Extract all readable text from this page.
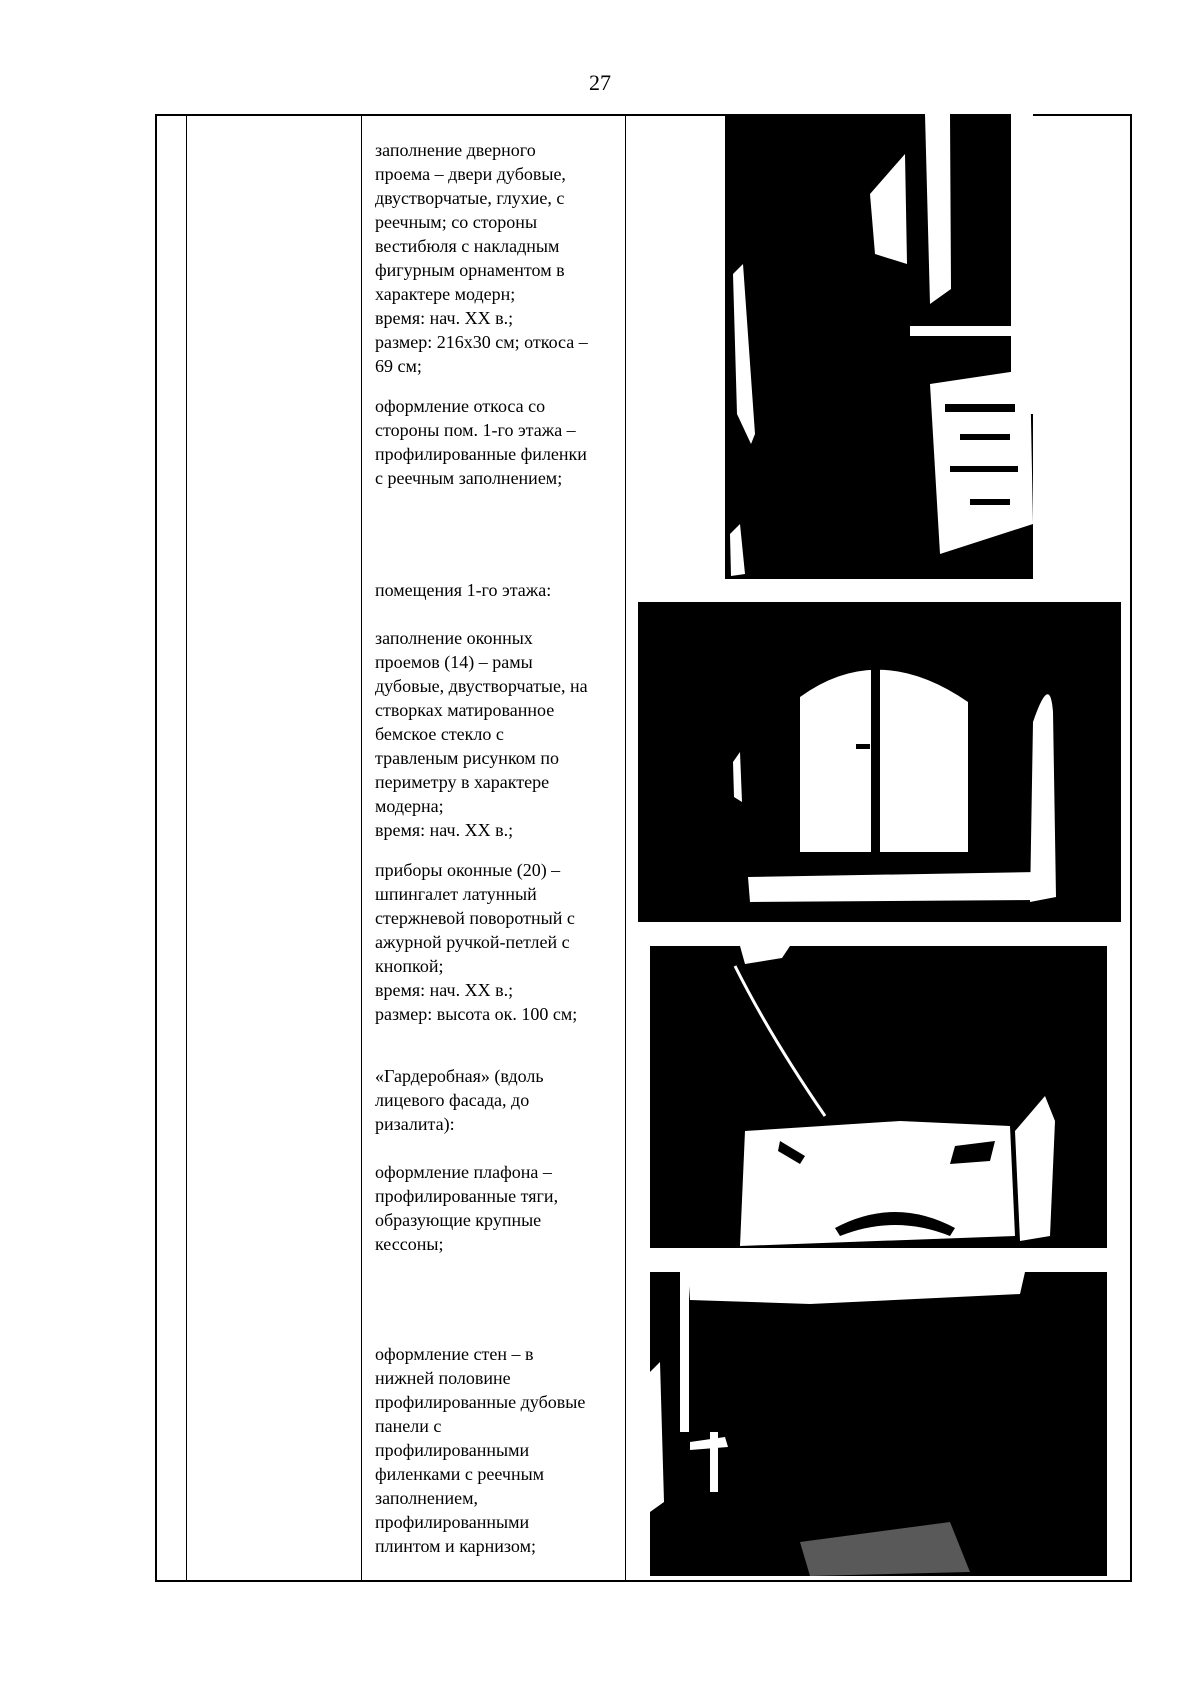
27

заполнение дверного

проема – двери дубовые,

двустворчатые, глухие, с

реечным; со стороны

вестибюля с накладным

фигурным орнаментом в

характере модерн;

время: нач. XX в.;

размер: 216х30 см; откоса –

69 см;

оформление откоса со

стороны пом. 1-го этажа –

профилированные филенки

с реечным заполнением;

помещения 1-го этажа:

заполнение оконных

проемов (14) – рамы

дубовые, двустворчатые, на

створках матированное

бемское стекло с

травленым рисунком по

периметру в характере

модерна;

время: нач. XX в.;

приборы оконные (20) –

шпингалет латунный

стержневой поворотный с

ажурной ручкой-петлей с

кнопкой;

время: нач. XX в.;

размер: высота ок. 100 см;

«Гардеробная» (вдоль

лицевого фасада, до

ризалита):

оформление плафона –

профилированные тяги,

образующие крупные

кессоны;

оформление стен – в

нижней половине

профилированные дубовые

панели с

профилированными

филенками с реечным

заполнением,

профилированными

плинтом и карнизом;
